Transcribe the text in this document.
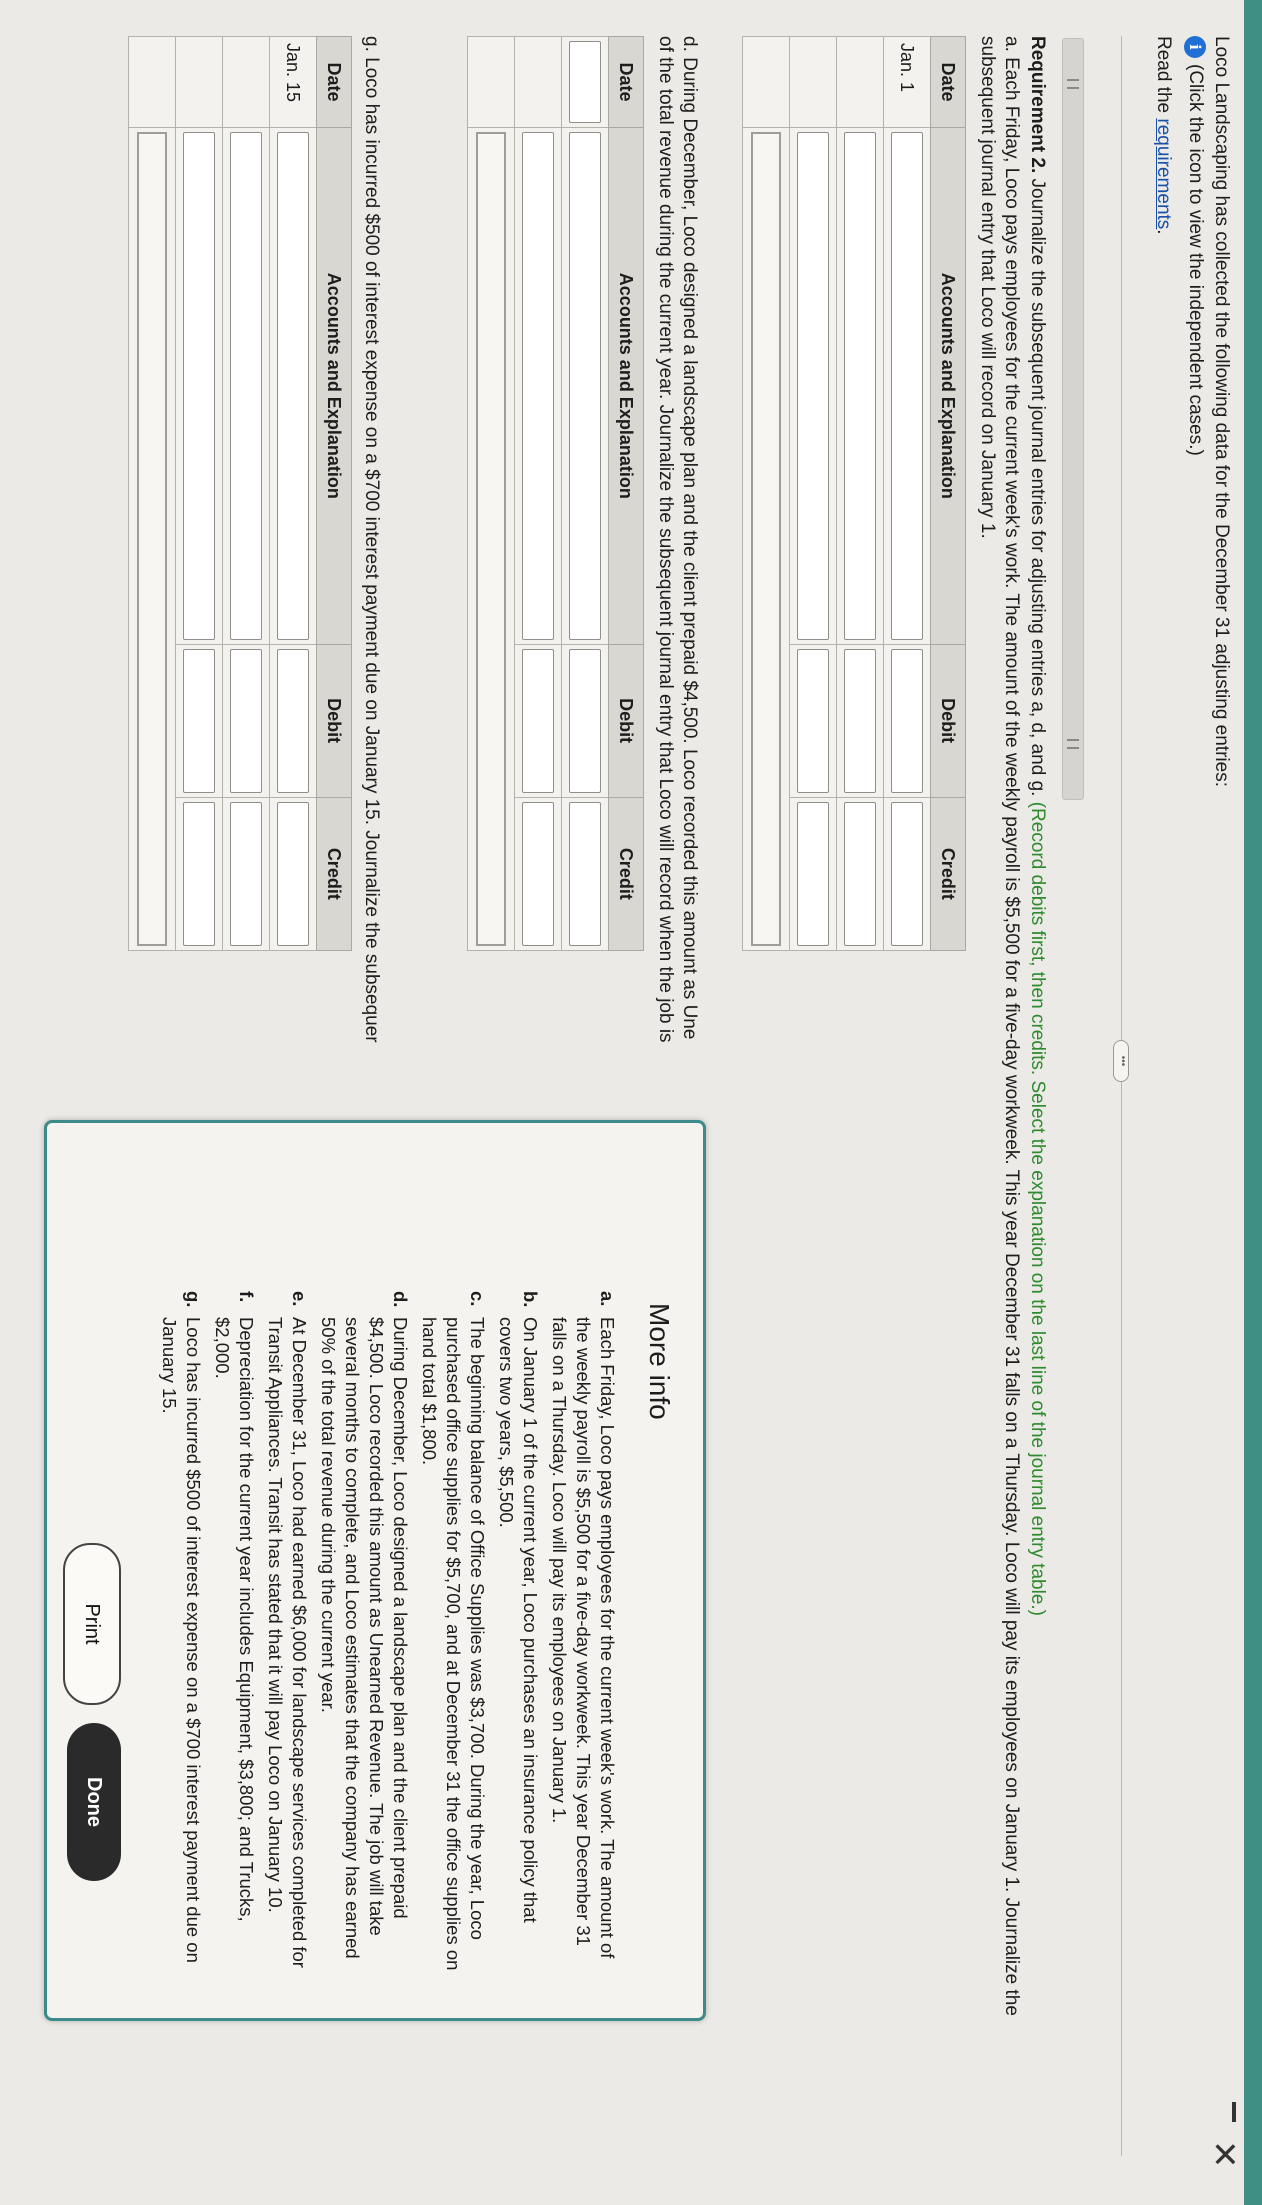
Loco Landscaping has collected the following data for the December 31 adjusting entries:
i
(Click the icon to view the independent cases.)
Read the requirements.
•••
Requirement 2. Journalize the subsequent journal entries for adjusting entries a, d, and g. (Record debits first, then credits. Select the explanation on the last line of the journal entry table.)
a. Each Friday, Loco pays employees for the current week's work. The amount of the weekly payroll is $5,500 for a five-day workweek. This year December 31 falls on a Thursday. Loco will pay its employees on January 1. Journalize the
subsequent journal entry that Loco will record on January 1.
Date	Accounts and Explanation	Debit	Credit
Jan. 1	

d. During December, Loco designed a landscape plan and the client prepaid $4,500. Loco recorded this amount as Une
of the total revenue during the current year. Journalize the subsequent journal entry that Loco will record when the job is
Date	Accounts and Explanation	Debit	Credit

g. Loco has incurred $500 of interest expense on a $700 interest payment due on January 15. Journalize the subsequer
Date	Accounts and Explanation	Debit	Credit
Jan. 15	

More info
a.
Each Friday, Loco pays employees for the current week's work. The amount of the weekly payroll is $5,500 for a five-day workweek. This year December 31 falls on a Thursday. Loco will pay its employees on January 1.
b.
On January 1 of the current year, Loco purchases an insurance policy that covers two years, $5,500.
c.
The beginning balance of Office Supplies was $3,700. During the year, Loco purchased office supplies for $5,700, and at December 31 the office supplies on hand total $1,800.
d.
During December, Loco designed a landscape plan and the client prepaid $4,500. Loco recorded this amount as Unearned Revenue. The job will take several months to complete, and Loco estimates that the company has earned 50% of the total revenue during the current year.
e.
At December 31, Loco had earned $6,000 for landscape services completed for Transit Appliances. Transit has stated that it will pay Loco on January 10.
f.
Depreciation for the current year includes Equipment, $3,800; and Trucks, $2,000.
g.
Loco has incurred $500 of interest expense on a $700 interest payment due on January 15.
Print
Done
✕
